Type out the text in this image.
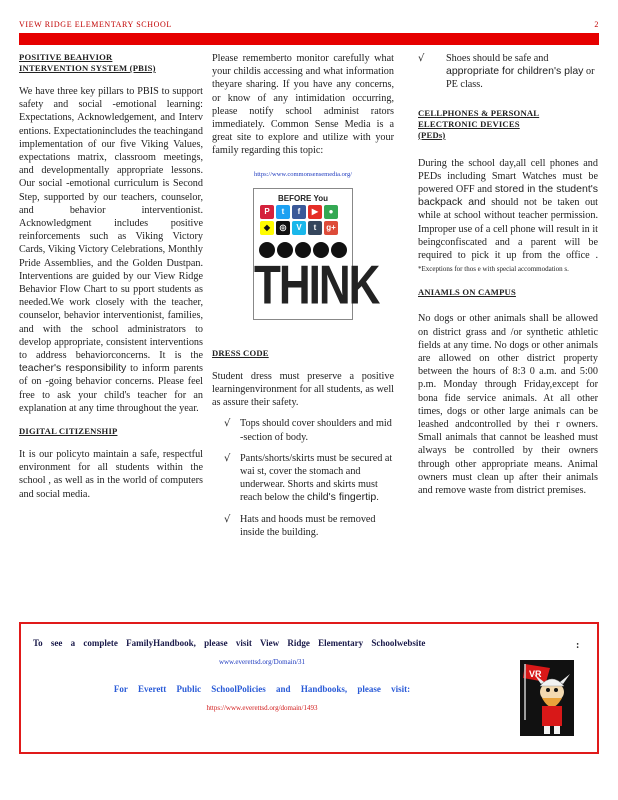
VIEW RIDGE ELEMENTARY SCHOOL	2
POSITIVE BEAHVIOR
INTERVENTION SYSTEM (PBIS)

We have three key pillars to PBIS to support safety and social -emotional learning: Expectations, Acknowledgement, and Interv entions. Expectationincludes the teachingand implementation of our five Viking Values, expectations matrix, classroom meetings, and developmentally appropriate lessons. Our social -emotional curriculum is Second Step, supported by our teachers, counselor, and behavior interventionist. Acknowledgment includes positive reinforcements such as Viking Victory Cards, Viking Victory Celebrations, Monthly Pride Assemblies, and the Golden Dustpan. Interventions are guided by our View Ridge Behavior Flow Chart to su pport students as needed.We work closely with the teacher, counselor, behavior interventionist, families, and with the school administrators to develop appropriate, consistent interventions to address behaviorconcerns. It is the teacher's responsibility to inform parents of on -going behavior concerns. Please feel free to ask your child's teacher for an explanation at any time throughout the year.

DIGITAL CITIZENSHIP

It is our policyto maintain a safe, respectful environment for all students within the school , as well as in the world of computers and social media.

Please rememberto monitor carefully what your childis accessing and what information theyare sharing. If you have any concerns, or know of any intimidation occurring, please notify school administ rators immediately. Common Sense Media is a great site to explore and utilize with your family regarding this topic:

https://www.commonsensemedia.org/
BEFORE You
P	t	f	▶	●
◆	◎	V	t	g+
THINK
DRESS CODE

Student dress must preserve a positive learningenvironment for all students, as well as assure their safety.

√ Tops should cover shoulders and mid -section of body.
√ Pants/shorts/skirts must be secured at wai st, cover the stomach and underwear. Shorts and skirts must reach below the child's fingertip.
√ Hats and hoods must be removed inside the building.
√ Shoes should be safe and appropriate for children's play or PE class.
CELLPHONES & PERSONAL
ELECTRONIC DEVICES
(PEDs)

During the school day,all cell phones and PEDs including Smart Watches must be powered OFF and stored in the student's backpack and should not be taken out while at school without teacher permission. Improper use of a cell phone will result in it beingconfiscated and a parent will be required to pick it up from the office . *Exceptions for thos e with special accommodation s.

ANIAMLS ON CAMPUS

No dogs or other animals shall be allowed on district grass and /or synthetic athletic fields at any time. No dogs or other animals are allowed on other district property between the hours of 8:3 0 a.m. and 5:00 p.m. Monday through Friday,except for bona fide service animals. At all other times, dogs or other large animals can be leashed andcontrolled by thei r owners. Small animals that cannot be leashed must always be controlled by their owners through other appropriate means. Animal owners must clean up after their animals and remove waste from district premises.

To see a complete FamilyHandbook, please visit View Ridge Elementary Schoolwebsite	:
www.everettsd.org/Domain/31
For Everett Public SchoolPolicies and Handbooks, please visit:
https://www.everettsd.org/domain/1493
VR
